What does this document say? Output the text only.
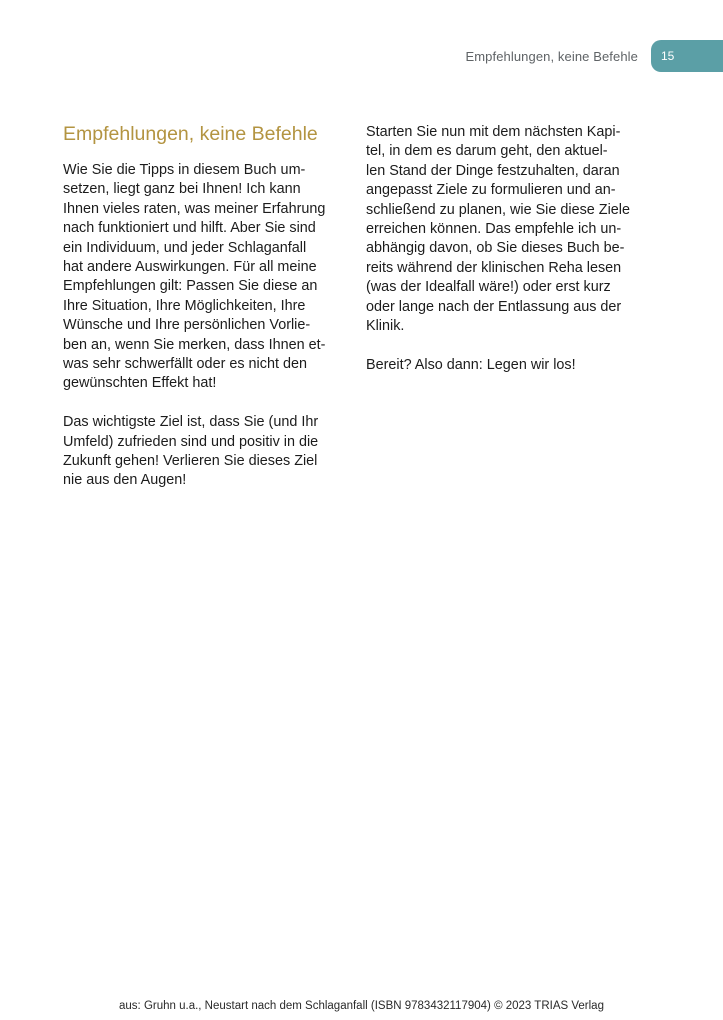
Empfehlungen, keine Befehle	15
Empfehlungen, keine Befehle

Wie Sie die Tipps in diesem Buch um-
setzen, liegt ganz bei Ihnen! Ich kann
Ihnen vieles raten, was meiner Erfahrung
nach funktioniert und hilft. Aber Sie sind
ein Individuum, und jeder Schlaganfall
hat andere Auswirkungen. Für all meine
Empfehlungen gilt: Passen Sie diese an
Ihre Situation, Ihre Möglichkeiten, Ihre
Wünsche und Ihre persönlichen Vorlie-
ben an, wenn Sie merken, dass Ihnen et-
was sehr schwerfällt oder es nicht den
gewünschten Effekt hat!

Das wichtigste Ziel ist, dass Sie (und Ihr
Umfeld) zufrieden sind und positiv in die
Zukunft gehen! Verlieren Sie dieses Ziel
nie aus den Augen!

Starten Sie nun mit dem nächsten Kapi-
tel, in dem es darum geht, den aktuel-
len Stand der Dinge festzuhalten, daran
angepasst Ziele zu formulieren und an-
schließend zu planen, wie Sie diese Ziele
erreichen können. Das empfehle ich un-
abhängig davon, ob Sie dieses Buch be-
reits während der klinischen Reha lesen
(was der Idealfall wäre!) oder erst kurz
oder lange nach der Entlassung aus der
Klinik.

Bereit? Also dann: Legen wir los!

aus: Gruhn u.a., Neustart nach dem Schlaganfall (ISBN 9783432117904) © 2023 TRIAS Verlag
